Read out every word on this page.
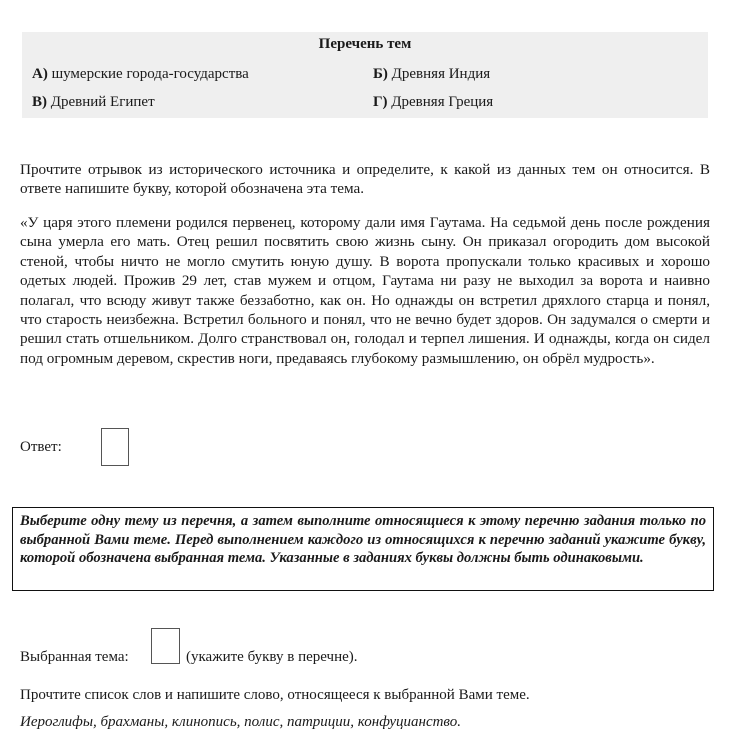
Перечень тем
А) шумерские города-государства	Б) Древняя Индия
В) Древний Египет	Г) Древняя Греция

Прочтите отрывок из исторического источника и определите, к какой из данных тем он относится. В ответе напишите букву, которой обозначена эта тема.

«У царя этого племени родился первенец, которому дали имя Гаутама. На седьмой день после рождения сына умерла его мать. Отец решил посвятить свою жизнь сыну. Он приказал огородить дом высокой стеной, чтобы ничто не могло смутить юную душу. В ворота пропускали только красивых и хорошо одетых людей. Прожив 29 лет, став мужем и отцом, Гаутама ни разу не выходил за ворота и наивно полагал, что всюду живут также беззаботно, как он. Но однажды он встретил дряхлого старца и понял, что старость неизбежна. Встретил больного и понял, что не вечно будет здоров. Он задумался о смерти и решил стать отшельником. Долго странствовал он, голодал и терпел лишения. И однажды, когда он сидел под огромным деревом, скрестив ноги, предаваясь глубокому размышлению, он обрёл мудрость».

Ответ:
Выберите одну тему из перечня, а затем выполните относящиеся к этому перечню задания только по выбранной Вами теме. Перед выполнением каждого из относящихся к перечню заданий укажите букву, которой обозначена выбранная тема. Указанные в заданиях буквы должны быть одинаковыми.
Выбранная тема:	(укажите букву в перечне).
Прочтите список слов и напишите слово, относящееся к выбранной Вами теме.
Иероглифы, брахманы, клинопись, полис, патриции, конфуцианство.
